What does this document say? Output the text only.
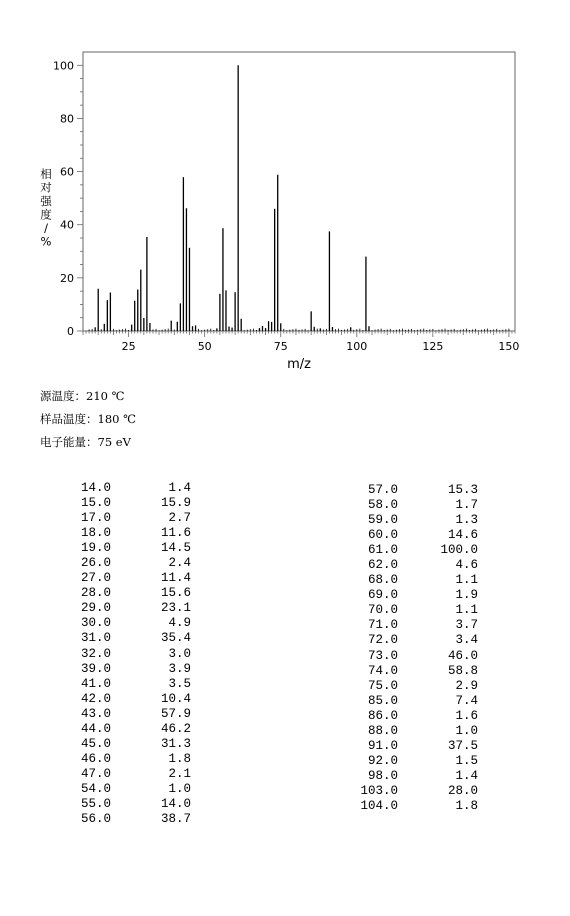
25	50	75	100	125	150
0
20
40
60
80
100
m/z
相对强度/ %
源温度：210 ℃
样品温度：180 ℃
电子能量：75 eV
14.0	1.4
15.0	15.9
17.0	2.7
18.0	11.6
19.0	14.5
26.0	2.4
27.0	11.4
28.0	15.6
29.0	23.1
30.0	4.9
31.0	35.4
32.0	3.0
39.0	3.9
41.0	3.5
42.0	10.4
43.0	57.9
44.0	46.2
45.0	31.3
46.0	1.8
47.0	2.1
54.0	1.0
55.0	14.0
56.0	38.7
57.0	15.3
58.0	1.7
59.0	1.3
60.0	14.6
61.0	100.0
62.0	4.6
68.0	1.1
69.0	1.9
70.0	1.1
71.0	3.7
72.0	3.4
73.0	46.0
74.0	58.8
75.0	2.9
85.0	7.4
86.0	1.6
88.0	1.0
91.0	37.5
92.0	1.5
98.0	1.4
103.0	28.0
104.0	1.8
